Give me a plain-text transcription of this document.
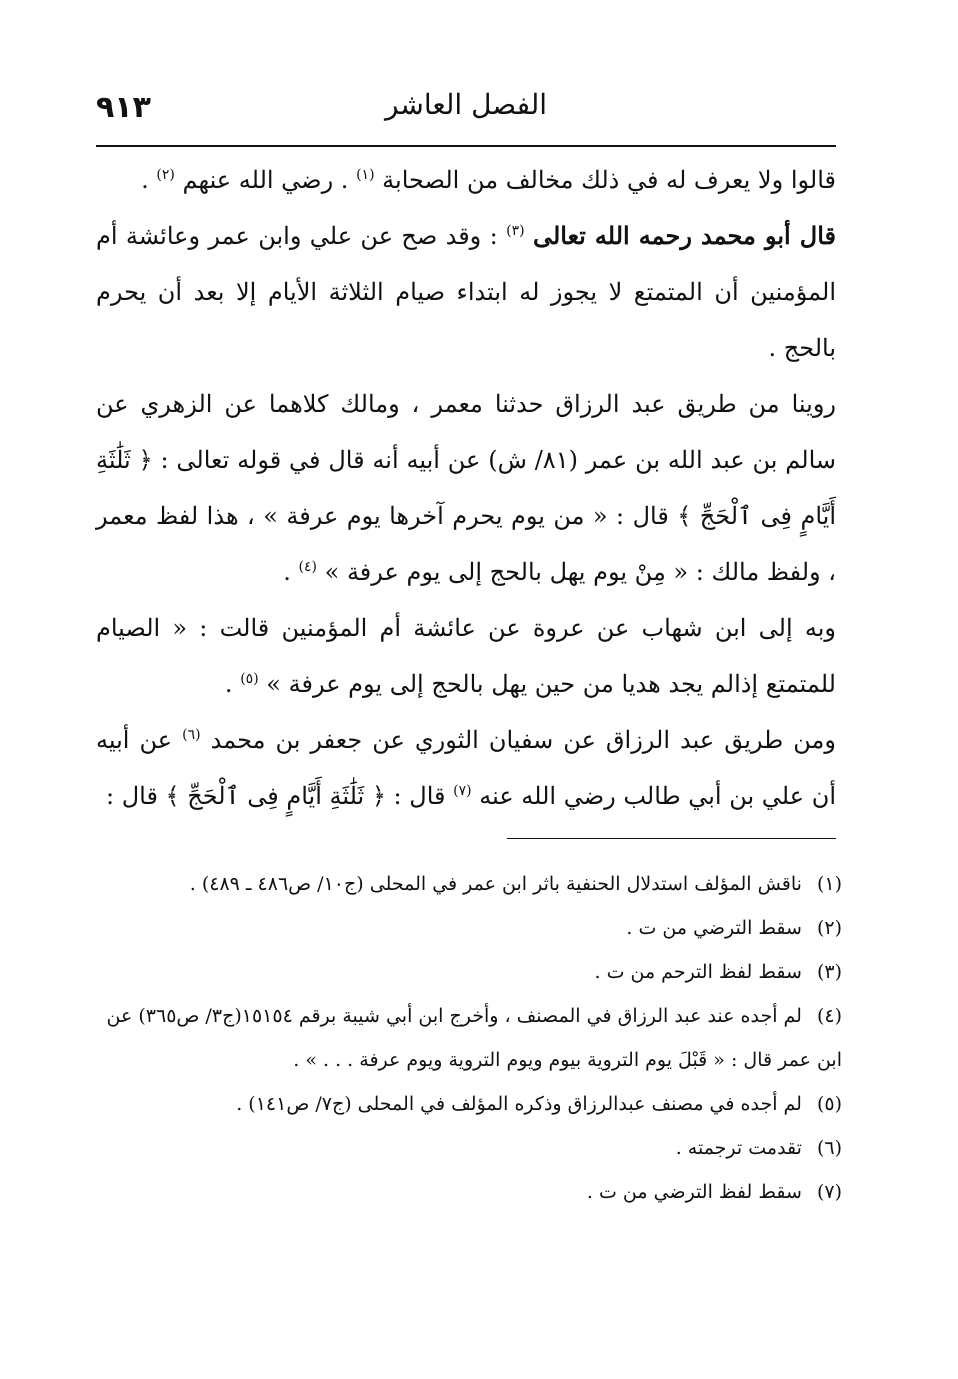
٩١٣	الفصل العاشر

قالوا ولا يعرف له في ذلك مخالف من الصحابة $^{(١)}$ . رضي الله عنهم $^{(٢)}$ .

قال أبو محمد رحمه الله تعالى $^{(٣)}$ : وقد صح عن علي وابن عمر وعائشة أم المؤمنين أن المتمتع لا يجوز له ابتداء صيام الثلاثة الأيام إلا بعد أن يحرم بالحج .

روينا من طريق عبد الرزاق حدثنا معمر ، ومالك كلاهما عن الزهري عن سالم بن عبد الله بن عمر (٨١/ ش) عن أبيه أنه قال في قوله تعالى : ﴿ ثَلَٰثَةِ أَيَّامٍ فِى ٱلْحَجِّ ﴾ قال : « من يوم يحرم آخرها يوم عرفة » ، هذا لفظ معمر ، ولفظ مالك : « مِنْ يوم يهل بالحج إلى يوم عرفة » $^{(٤)}$ .

وبه إلى ابن شهاب عن عروة عن عائشة أم المؤمنين قالت : « الصيام للمتمتع إذالم يجد هديا من حين يهل بالحج إلى يوم عرفة » $^{(٥)}$ .

ومن طريق عبد الرزاق عن سفيان الثوري عن جعفر بن محمد $^{(٦)}$ عن أبيه أن علي بن أبي طالب رضي الله عنه $^{(٧)}$ قال : ﴿ ثَلَٰثَةِ أَيَّامٍ فِى ٱلْحَجِّ ﴾ قال :

(١) ناقش المؤلف استدلال الحنفية باثر ابن عمر في المحلى (ج١٠/ ص٤٨٦ ـ ٤٨٩) .

(٢) سقط الترضي من ت .

(٣) سقط لفظ الترحم من ت .

(٤) لم أجده عند عبد الرزاق في المصنف ، وأخرج ابن أبي شيبة برقم ١٥١٥٤(ج٣/ ص٣٦٥) عن ابن عمر قال : « قَبْلَ يوم التروية بيوم ويوم التروية ويوم عرفة . . . » .

(٥) لم أجده في مصنف عبدالرزاق وذكره المؤلف في المحلى (ج٧/ ص١٤١) .

(٦) تقدمت ترجمته .

(٧) سقط لفظ الترضي من ت .
